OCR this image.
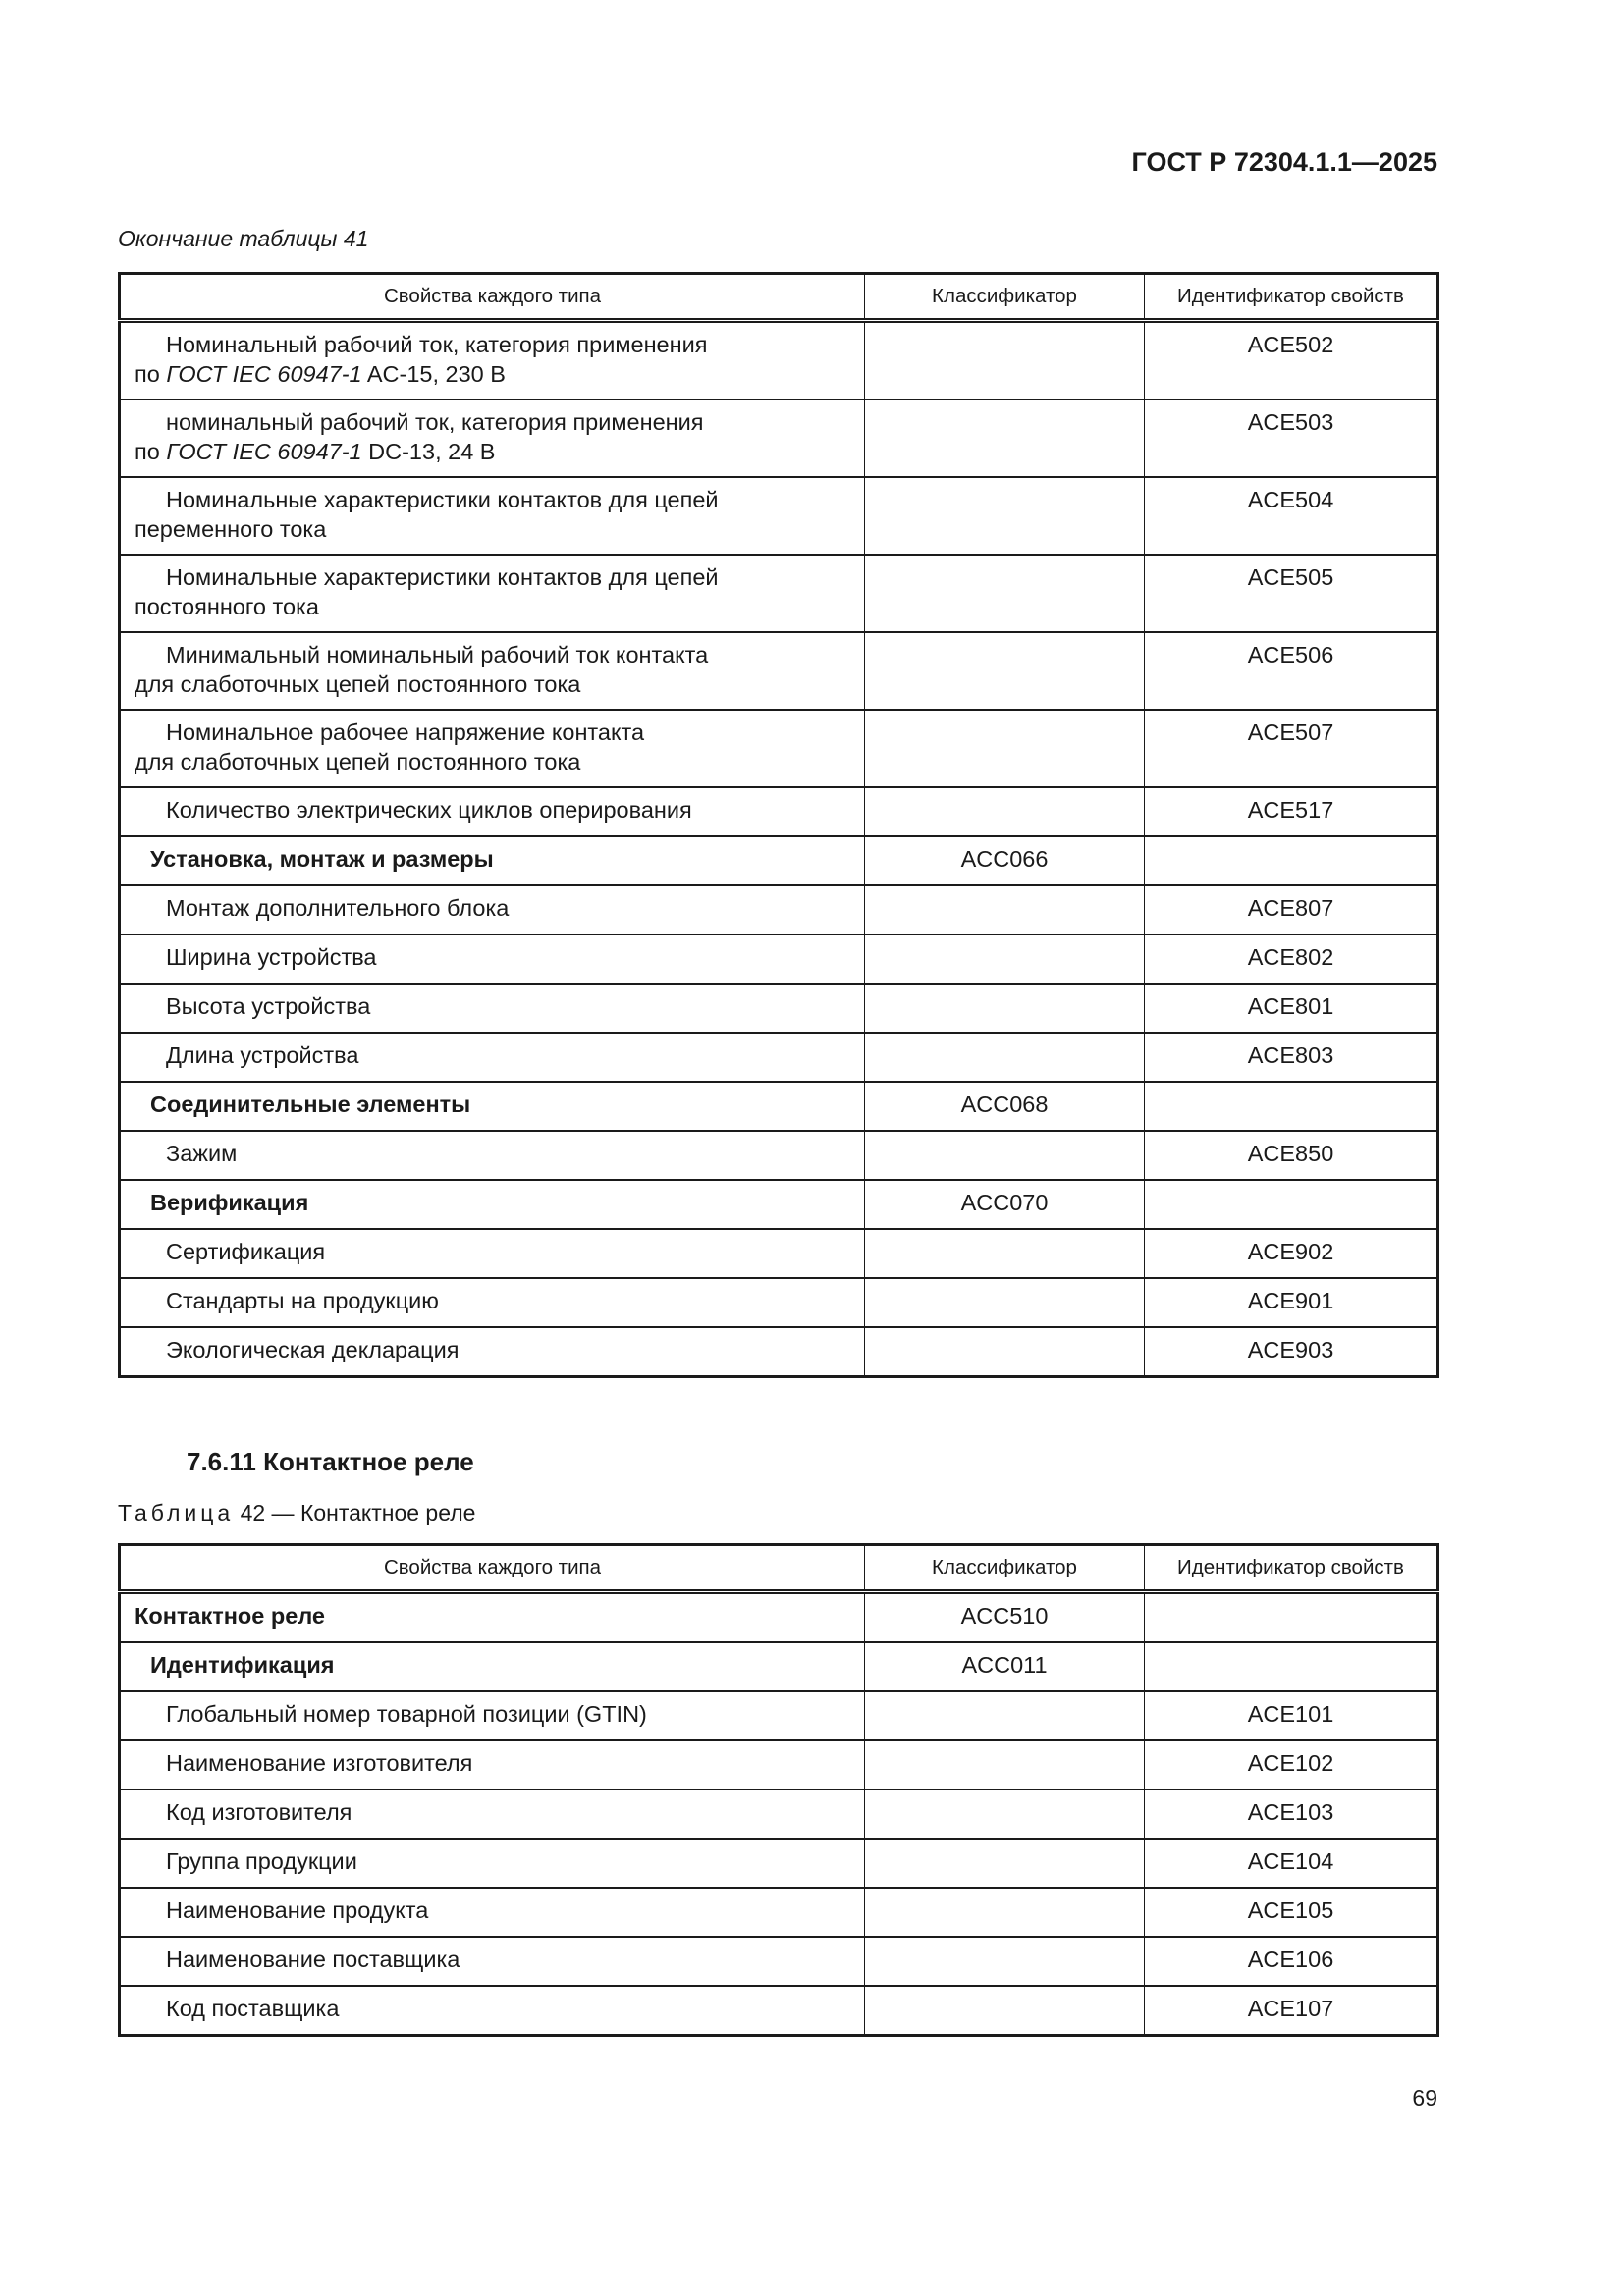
ГОСТ Р 72304.1.1—2025
Окончание таблицы 41
Свойства каждого типа	Классификатор	Идентификатор свойств

Номинальный рабочий ток, категория применения
по ГОСТ IEC 60947-1 AC-15, 230 В		ACE502

номинальный рабочий ток, категория применения
по ГОСТ IEC 60947-1 DC-13, 24 В		ACE503

Номинальные характеристики контактов для цепей
переменного тока		ACE504

Номинальные характеристики контактов для цепей
постоянного тока		ACE505

Минимальный номинальный рабочий ток контакта
для слаботочных цепей постоянного тока		ACE506

Номинальное рабочее напряжение контакта
для слаботочных цепей постоянного тока		ACE507

Количество электрических циклов оперирования		ACE517

Установка, монтаж и размеры	ACC066	

Монтаж дополнительного блока		ACE807

Ширина устройства		ACE802

Высота устройства		ACE801

Длина устройства		ACE803

Соединительные элементы	ACC068	

Зажим		ACE850

Верификация	ACC070	

Сертификация		ACE902

Стандарты на продукцию		ACE901

Экологическая декларация		ACE903
7.6.11 Контактное реле
Таблица 42 — Контактное реле
Свойства каждого типа	Классификатор	Идентификатор свойств

Контактное реле	ACC510	

Идентификация	ACC011	

Глобальный номер товарной позиции (GTIN)		ACE101

Наименование изготовителя		ACE102

Код изготовителя		ACE103

Группа продукции		ACE104

Наименование продукта		ACE105

Наименование поставщика		ACE106

Код поставщика		ACE107
69
